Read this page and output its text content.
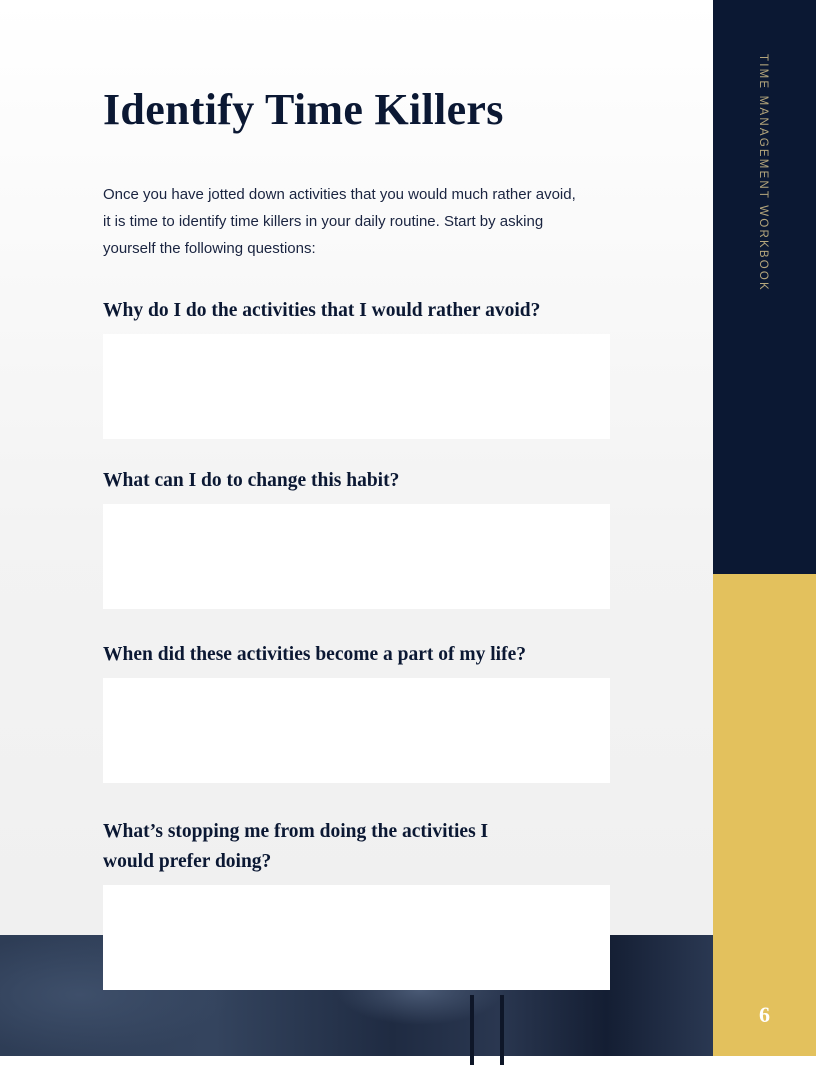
TIME MANAGEMENT WORKBOOK
6
Identify Time Killers

Once you have jotted down activities that you would much rather avoid, it is time to identify time killers in your daily routine. Start by asking yourself the following questions:

Why do I do the activities that I would rather avoid?

What can I do to change this habit?

When did these activities become a part of my life?

What’s stopping me from doing the activities I would prefer doing?
